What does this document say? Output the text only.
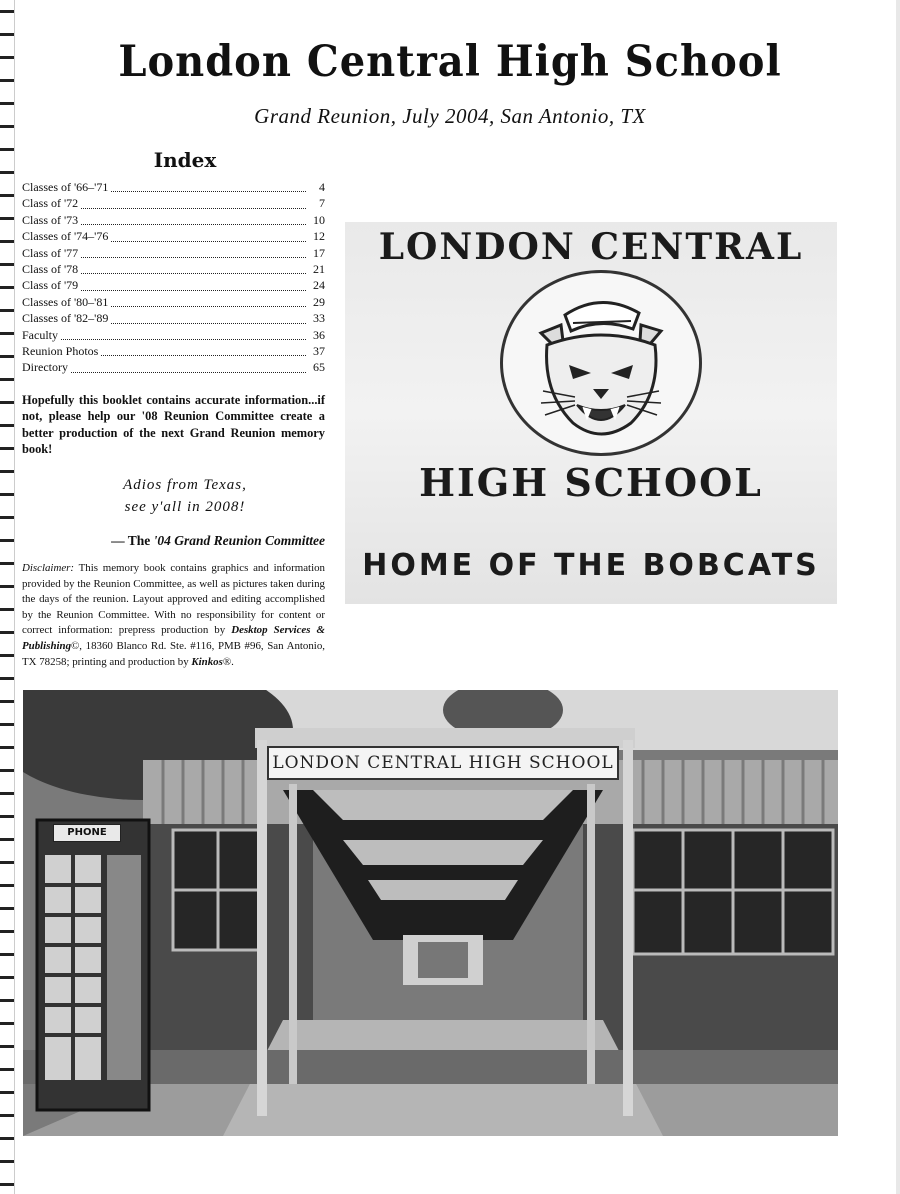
London Central High School
Grand Reunion, July 2004, San Antonio, TX
Index
Classes of '66–'71	4
Class of '72	7
Class of '73	10
Classes of '74–'76	12
Class of '77	17
Class of '78	21
Class of '79	24
Classes of '80–'81	29
Classes of '82–'89	33
Faculty	36
Reunion Photos	37
Directory	65
Hopefully this booklet contains accurate information...if not, please help our '08 Reunion Committee create a better production of the next Grand Reunion memory book!
Adios from Texas,
see y'all in 2008!
— The '04 Grand Reunion Committee
Disclaimer: This memory book contains graphics and information provided by the Reunion Committee, as well as pictures taken during the days of the reunion. Layout approved and editing accomplished by the Reunion Committee. With no responsibility for content or correct information: prepress production by Desktop Services & Publishing©, 18360 Blanco Rd. Ste. #116, PMB #96, San Antonio, TX 78258; printing and production by Kinkos®.
LONDON CENTRAL
HIGH SCHOOL
HOME OF THE BOBCATS
LONDON CENTRAL HIGH SCHOOL
PHONE
